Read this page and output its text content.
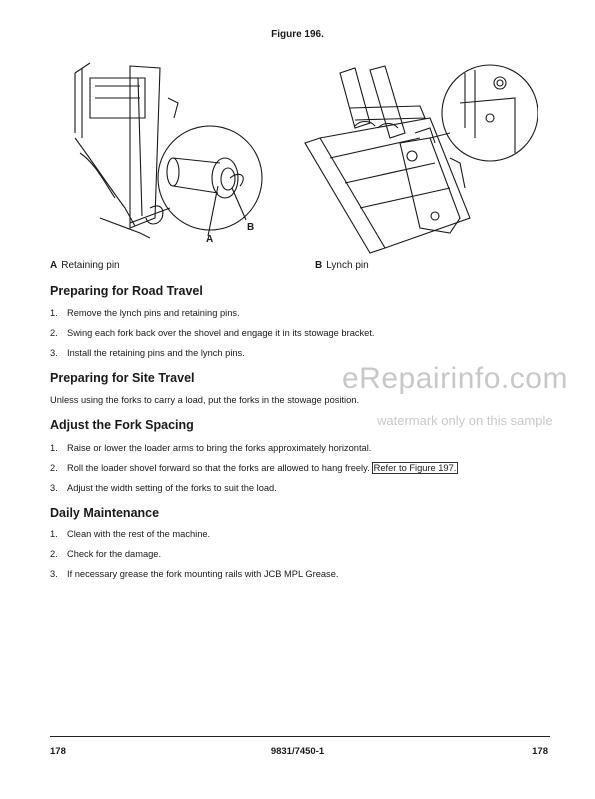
Figure 196.
A
B
A Retaining pin	B Lynch pin
Preparing for Road Travel
1. Remove the lynch pins and retaining pins.
2. Swing each fork back over the shovel and engage it in its stowage bracket.
3. Install the retaining pins and the lynch pins.
Preparing for Site Travel
Unless using the forks to carry a load, put the forks in the stowage position.
eRepairinfo.com
watermark only on this sample
Adjust the Fork Spacing
1. Raise or lower the loader arms to bring the forks approximately horizontal.
2. Roll the loader shovel forward so that the forks are allowed to hang freely. Refer to Figure 197.
3. Adjust the width setting of the forks to suit the load.
Daily Maintenance
1. Clean with the rest of the machine.
2. Check for the damage.
3. If necessary grease the fork mounting rails with JCB MPL Grease.
178	9831/7450-1	178
